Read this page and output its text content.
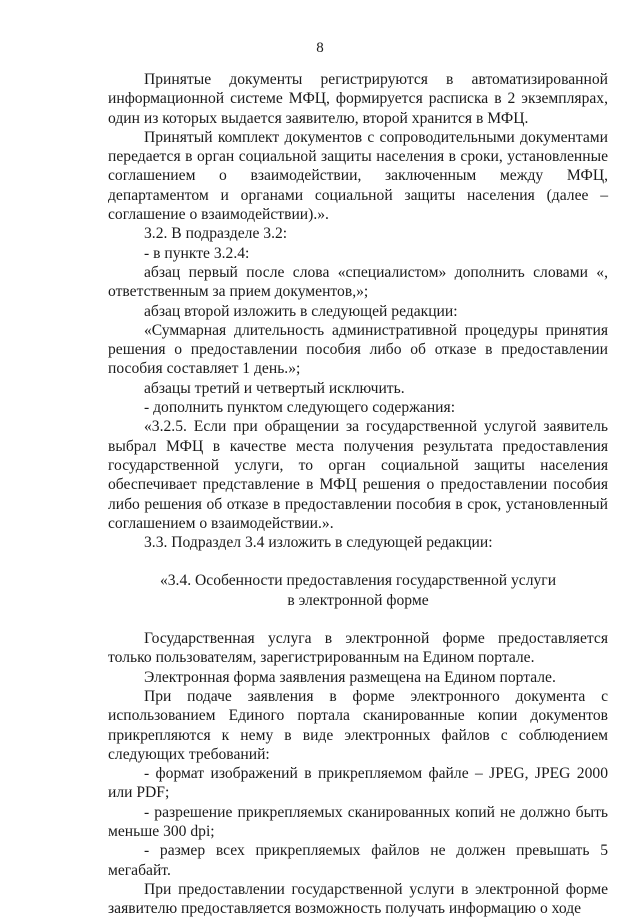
8

Принятые документы регистрируются в автоматизированной информационной системе МФЦ, формируется расписка в 2 экземплярах, один из которых выдается заявителю, второй хранится в МФЦ.

Принятый комплект документов с сопроводительными документами передается в орган социальной защиты населения в сроки, установленные соглашением о взаимодействии, заключенным между МФЦ, департаментом и органами социальной защиты населения (далее – соглашение о взаимодействии).».

3.2. В подразделе 3.2:

- в пункте 3.2.4:

абзац первый после слова «специалистом» дополнить словами «, ответственным за прием документов,»;

абзац второй изложить в следующей редакции:

«Суммарная длительность административной процедуры принятия решения о предоставлении пособия либо об отказе в предоставлении пособия составляет 1 день.»;

абзацы третий и четвертый исключить.

- дополнить пунктом следующего содержания:

«3.2.5. Если при обращении за государственной услугой заявитель выбрал МФЦ в качестве места получения результата предоставления государственной услуги, то орган социальной защиты населения обеспечивает представление в МФЦ решения о предоставлении пособия либо решения об отказе в предоставлении пособия в срок, установленный соглашением о взаимодействии.».

3.3. Подраздел 3.4 изложить в следующей редакции:

«3.4. Особенности предоставления государственной услуги
в электронной форме

Государственная услуга в электронной форме предоставляется только пользователям, зарегистрированным на Едином портале.

Электронная форма заявления размещена на Едином портале.

При подаче заявления в форме электронного документа с использованием Единого портала сканированные копии документов прикрепляются к нему в виде электронных файлов с соблюдением следующих требований:

- формат изображений в прикрепляемом файле – JPEG, JPEG 2000 или PDF;

- разрешение прикрепляемых сканированных копий не должно быть меньше 300 dpi;

- размер всех прикрепляемых файлов не должен превышать 5 мегабайт.

При предоставлении государственной услуги в электронной форме заявителю предоставляется возможность получать информацию о ходе
